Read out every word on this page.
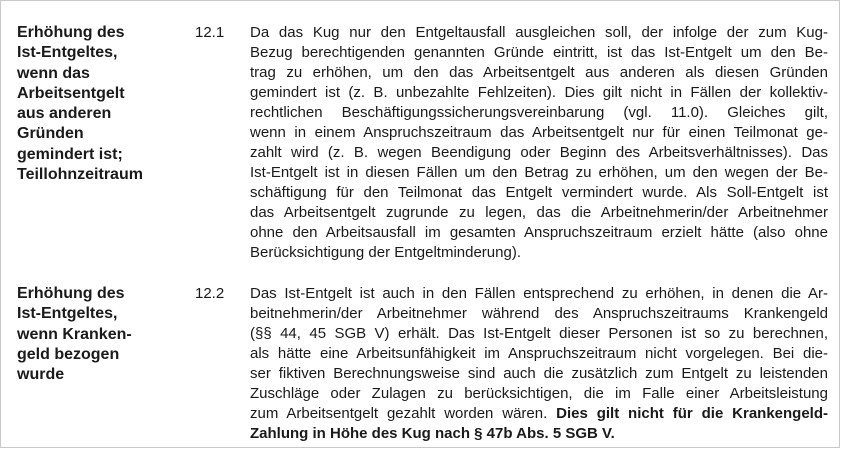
Erhöhung des
Ist-Entgeltes,
wenn das
Arbeitsentgelt
aus anderen
Gründen
gemindert ist;
Teillohnzeitraum
12.1 Da das Kug nur den Entgeltausfall ausgleichen soll, der infolge der zum Kug-
Bezug berechtigenden genannten Gründe eintritt, ist das Ist-Entgelt um den Be-
trag zu erhöhen, um den das Arbeitsentgelt aus anderen als diesen Gründen
gemindert ist (z. B. unbezahlte Fehlzeiten). Dies gilt nicht in Fällen der kollektiv-
rechtlichen Beschäftigungssicherungsvereinbarung (vgl. 11.0). Gleiches gilt,
wenn in einem Anspruchszeitraum das Arbeitsentgelt nur für einen Teilmonat ge-
zahlt wird (z. B. wegen Beendigung oder Beginn des Arbeitsverhältnisses). Das
Ist-Entgelt ist in diesen Fällen um den Betrag zu erhöhen, um den wegen der Be-
schäftigung für den Teilmonat das Entgelt vermindert wurde. Als Soll-Entgelt ist
das Arbeitsentgelt zugrunde zu legen, das die Arbeitnehmerin/der Arbeitnehmer
ohne den Arbeitsausfall im gesamten Anspruchszeitraum erzielt hätte (also ohne
Berücksichtigung der Entgeltminderung).

Erhöhung des
Ist-Entgeltes,
wenn Kranken-
geld bezogen
wurde
12.2 Das Ist-Entgelt ist auch in den Fällen entsprechend zu erhöhen, in denen die Ar-
beitnehmerin/der Arbeitnehmer während des Anspruchszeitraums Krankengeld
(§§ 44, 45 SGB V) erhält. Das Ist-Entgelt dieser Personen ist so zu berechnen,
als hätte eine Arbeitsunfähigkeit im Anspruchszeitraum nicht vorgelegen. Bei die-
ser fiktiven Berechnungsweise sind auch die zusätzlich zum Entgelt zu leistenden
Zuschläge oder Zulagen zu berücksichtigen, die im Falle einer Arbeitsleistung
zum Arbeitsentgelt gezahlt worden wären. Dies gilt nicht für die Krankengeld-
Zahlung in Höhe des Kug nach § 47b Abs. 5 SGB V.
